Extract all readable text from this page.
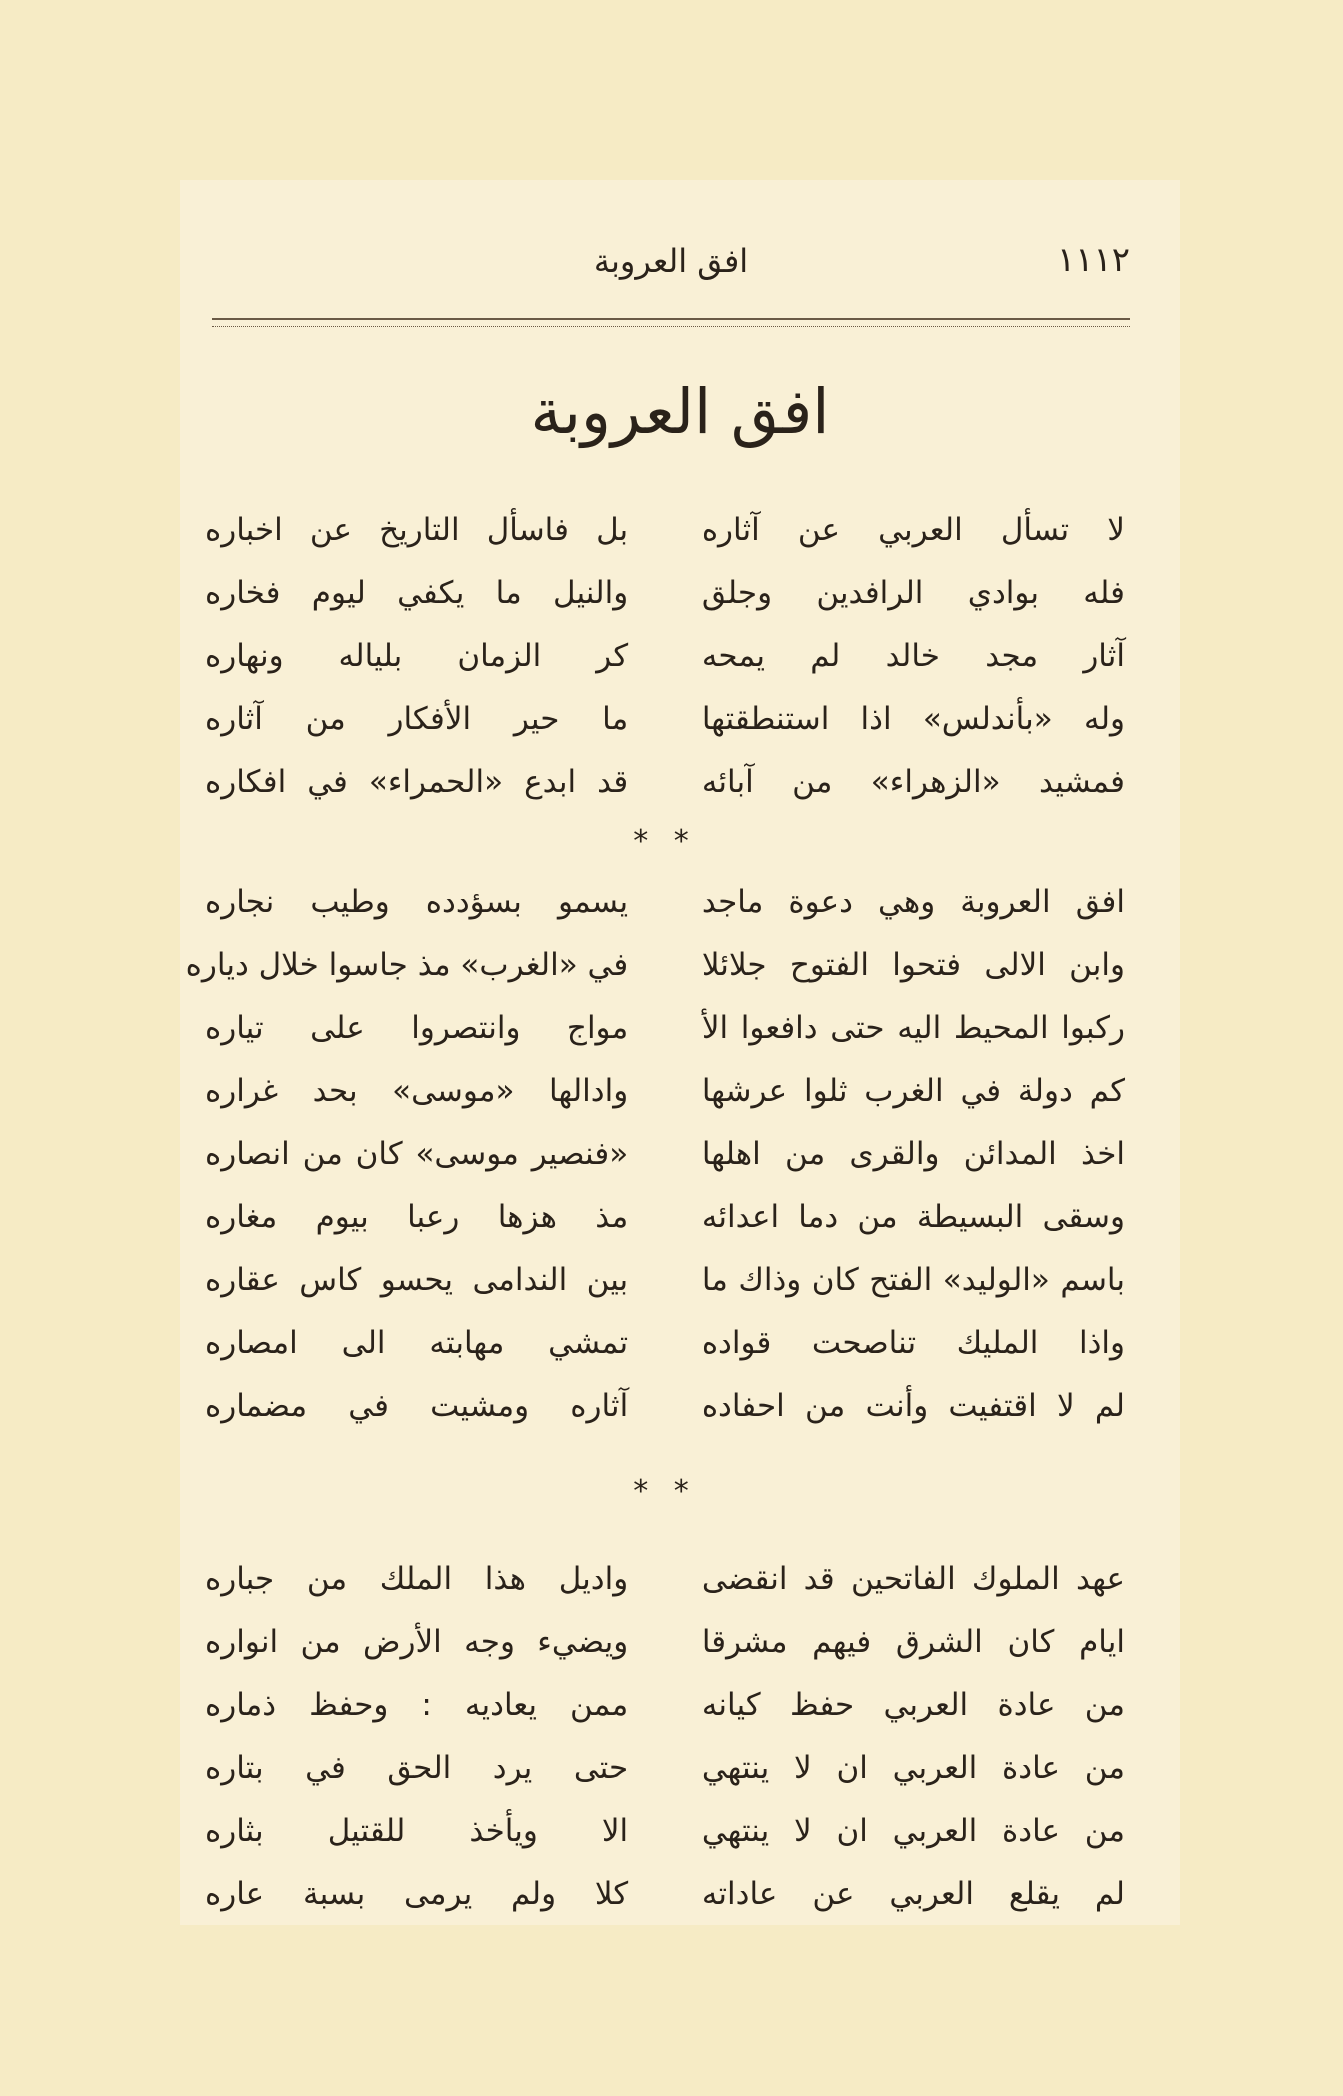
١١١٢
افق العروبة
افق العروبة
لا تسأل العربي عن آثاره
بل فاسأل التاريخ عن اخباره
فله بوادي الرافدين وجلق
والنيل ما يكفي ليوم فخاره
آثار مجد خالد لم يمحه
كر الزمان بلياله ونهاره
وله «بأندلس» اذا استنطقتها
ما حير الأفكار من آثاره
فمشيد «الزهراء» من آبائه
قد ابدع «الحمراء» في افكاره
* *
افق العروبة وهي دعوة ماجد
يسمو بسؤدده وطيب نجاره
وابن الالى فتحوا الفتوح جلائلا
في «الغرب» مذ جاسوا خلال دياره
ركبوا المحيط اليه حتى دافعوا الأ
مواج وانتصروا على تياره
كم دولة في الغرب ثلوا عرشها
وادالها «موسى» بحد غراره
اخذ المدائن والقرى من اهلها
«فنصير موسى» كان من انصاره
وسقى البسيطة من دما اعدائه
مذ هزها رعبا بيوم مغاره
باسم «الوليد» الفتح كان وذاك ما
بين الندامى يحسو كاس عقاره
واذا المليك تناصحت قواده
تمشي مهابته الى امصاره
لم لا اقتفيت وأنت من احفاده
آثاره ومشيت في مضماره
* *
عهد الملوك الفاتحين قد انقضى
واديل هذا الملك من جباره
ايام كان الشرق فيهم مشرقا
ويضيء وجه الأرض من انواره
من عادة العربي حفظ كيانه
ممن يعاديه : وحفظ ذماره
من عادة العربي ان لا ينتهي
حتى يرد الحق في بتاره
من عادة العربي ان لا ينتهي
الا ويأخذ للقتيل بثاره
لم يقلع العربي عن عاداته
كلا ولم يرمى بسبة عاره
